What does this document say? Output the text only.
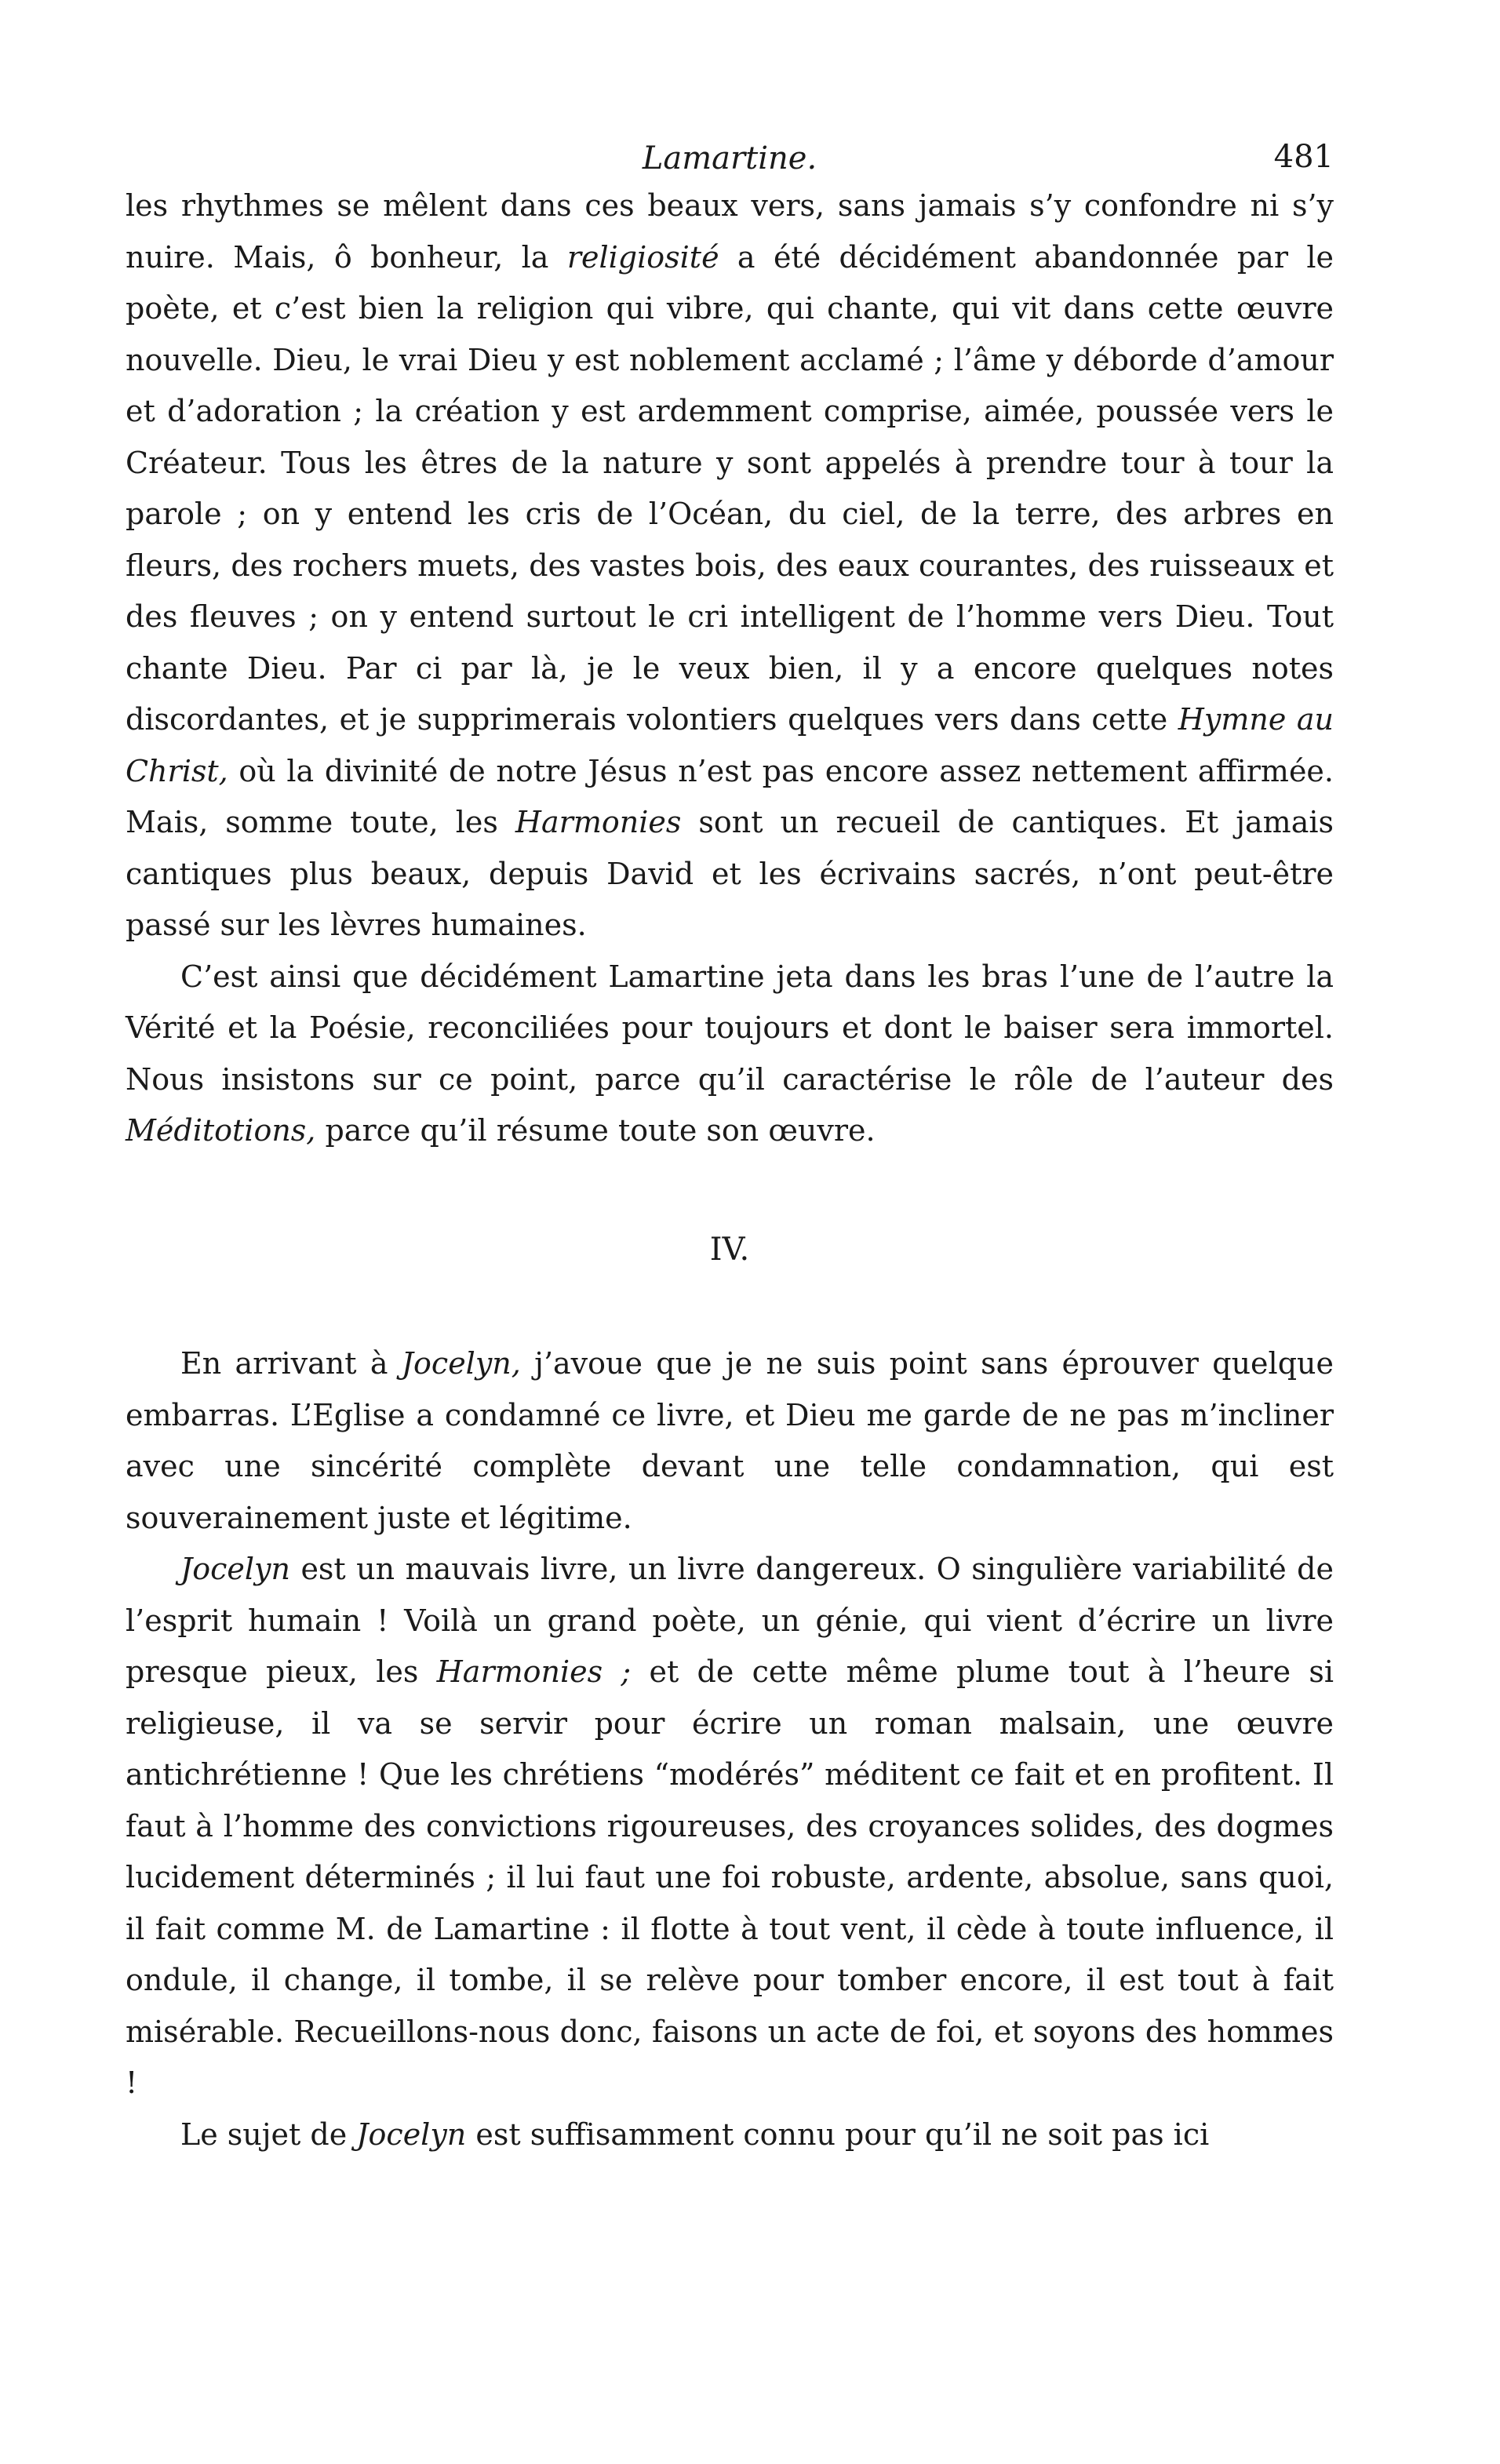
Lamartine.	481

les rhythmes se mêlent dans ces beaux vers, sans jamais s’y confondre ni s’y nuire. Mais, ô bonheur, la religiosité a été décidément abandonnée par le poète, et c’est bien la religion qui vibre, qui chante, qui vit dans cette œuvre nouvelle. Dieu, le vrai Dieu y est noblement acclamé ; l’âme y déborde d’amour et d’adoration ; la création y est ardemment comprise, aimée, poussée vers le Créateur. Tous les êtres de la nature y sont appelés à prendre tour à tour la parole ; on y entend les cris de l’Océan, du ciel, de la terre, des arbres en fleurs, des rochers muets, des vastes bois, des eaux courantes, des ruisseaux et des fleuves ; on y entend surtout le cri intelligent de l’homme vers Dieu. Tout chante Dieu. Par ci par là, je le veux bien, il y a encore quelques notes discordantes, et je supprimerais volontiers quelques vers dans cette Hymne au Christ, où la divinité de notre Jésus n’est pas encore assez nettement affirmée. Mais, somme toute, les Harmonies sont un recueil de cantiques. Et jamais cantiques plus beaux, depuis David et les écrivains sacrés, n’ont peut-être passé sur les lèvres humaines.

C’est ainsi que décidément Lamartine jeta dans les bras l’une de l’autre la Vérité et la Poésie, reconciliées pour toujours et dont le baiser sera immortel. Nous insistons sur ce point, parce qu’il caractérise le rôle de l’auteur des Méditotions, parce qu’il résume toute son œuvre.

IV.

En arrivant à Jocelyn, j’avoue que je ne suis point sans éprouver quelque embarras. L’Eglise a condamné ce livre, et Dieu me garde de ne pas m’incliner avec une sincérité complète devant une telle condamnation, qui est souverainement juste et légitime.

Jocelyn est un mauvais livre, un livre dangereux. O singulière variabilité de l’esprit humain ! Voilà un grand poète, un génie, qui vient d’écrire un livre presque pieux, les Harmonies ; et de cette même plume tout à l’heure si religieuse, il va se servir pour écrire un roman malsain, une œuvre antichrétienne ! Que les chrétiens “modérés” méditent ce fait et en profitent. Il faut à l’homme des convictions rigoureuses, des croyances solides, des dogmes lucidement déterminés ; il lui faut une foi robuste, ardente, absolue, sans quoi, il fait comme M. de Lamartine : il flotte à tout vent, il cède à toute influence, il ondule, il change, il tombe, il se relève pour tomber encore, il est tout à fait misérable. Recueillons-nous donc, faisons un acte de foi, et soyons des hommes !

Le sujet de Jocelyn est suffisamment connu pour qu’il ne soit pas ici
